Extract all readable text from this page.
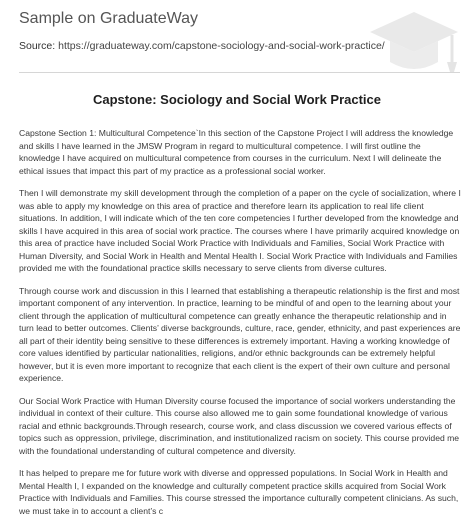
Sample on GraduateWay
Source: https://graduateway.com/capstone-sociology-and-social-work-practice/
Capstone: Sociology and Social Work Practice

Capstone Section 1: Multicultural Competence`In this section of the Capstone Project I will address the knowledge and skills I have learned in the JMSW Program in regard to multicultural competence. I will first outline the knowledge I have acquired on multicultural competence from courses in the curriculum. Next I will delineate the ethical issues that impact this part of my practice as a professional social worker.

Then I will demonstrate my skill development through the completion of a paper on the cycle of socialization, where I was able to apply my knowledge on this area of practice and therefore learn its application to real life client situations. In addition, I will indicate which of the ten core competencies I further developed from the knowledge and skills I have acquired in this area of social work practice. The courses where I have primarily acquired knowledge on this area of practice have included Social Work Practice with Individuals and Families, Social Work Practice with Human Diversity, and Social Work in Health and Mental Health I. Social Work Practice with Individuals and Families provided me with the foundational practice skills necessary to serve clients from diverse cultures.

Through course work and discussion in this I learned that establishing a therapeutic relationship is the first and most important component of any intervention. In practice, learning to be mindful of and open to the learning about your client through the application of multicultural competence can greatly enhance the therapeutic relationship and in turn lead to better outcomes. Clients’ diverse backgrounds, culture, race, gender, ethnicity, and past experiences are all part of their identity being sensitive to these differences is extremely important. Having a working knowledge of core values identified by particular nationalities, religions, and/or ethnic backgrounds can be extremely helpful however, but it is even more important to recognize that each client is the expert of their own culture and personal experience.

Our Social Work Practice with Human Diversity course focused the importance of social workers understanding the individual in context of their culture. This course also allowed me to gain some foundational knowledge of various racial and ethnic backgrounds.Through research, course work, and class discussion we covered various effects of topics such as oppression, privilege, discrimination, and institutionalized racism on society. This course provided me with the foundational understanding of cultural competence and diversity.

It has helped to prepare me for future work with diverse and oppressed populations. In Social Work in Health and Mental Health I, I expanded on the knowledge and culturally competent practice skills acquired from Social Work Practice with Individuals and Families. This course stressed the importance culturally competent clinicians. As such, we must take in to account a client’s c
